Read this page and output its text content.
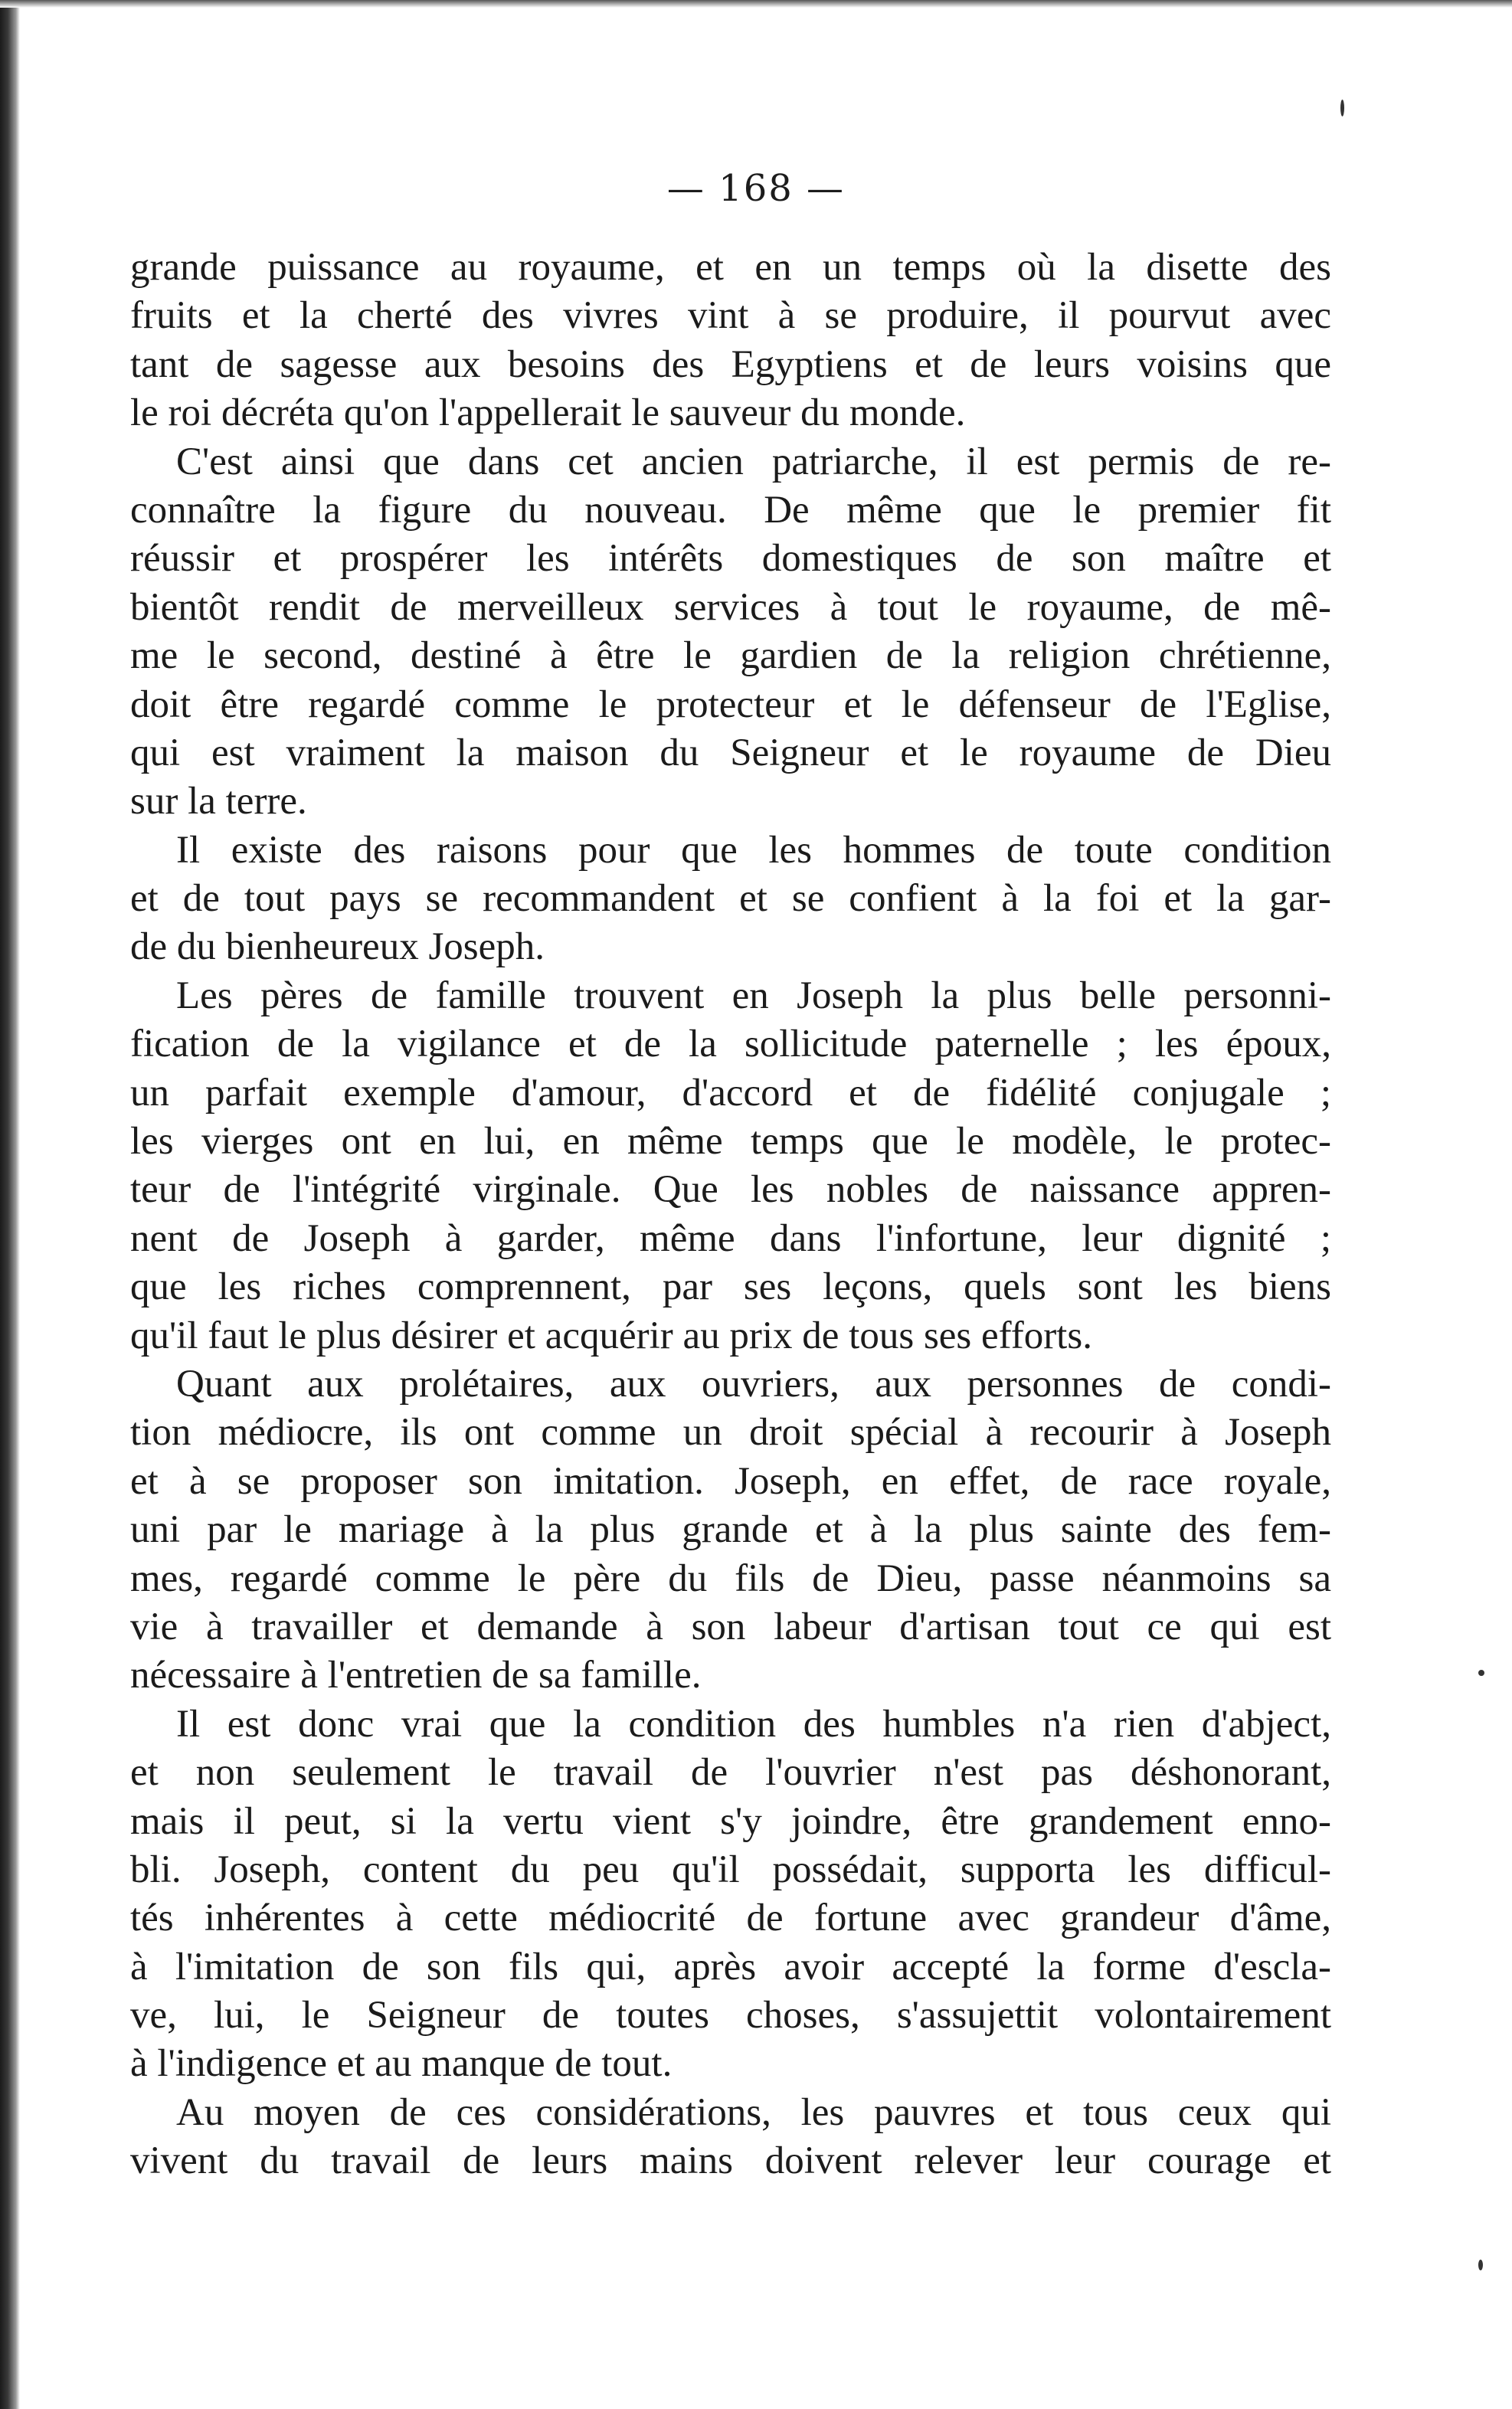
— 168 —
grande puissance au royaume, et en un temps où la disette des
fruits et la cherté des vivres vint à se produire, il pourvut avec
tant de sagesse aux besoins des Egyptiens et de leurs voisins que
le roi décréta qu'on l'appellerait le sauveur du monde.
C'est ainsi que dans cet ancien patriarche, il est permis de re-
connaître la figure du nouveau. De même que le premier fit
réussir et prospérer les intérêts domestiques de son maître et
bientôt rendit de merveilleux services à tout le royaume, de mê-
me le second, destiné à être le gardien de la religion chrétienne,
doit être regardé comme le protecteur et le défenseur de l'Eglise,
qui est vraiment la maison du Seigneur et le royaume de Dieu
sur la terre.
Il existe des raisons pour que les hommes de toute condition
et de tout pays se recommandent et se confient à la foi et la gar-
de du bienheureux Joseph.
Les pères de famille trouvent en Joseph la plus belle personni-
fication de la vigilance et de la sollicitude paternelle ; les époux,
un parfait exemple d'amour, d'accord et de fidélité conjugale ;
les vierges ont en lui, en même temps que le modèle, le protec-
teur de l'intégrité virginale. Que les nobles de naissance appren-
nent de Joseph à garder, même dans l'infortune, leur dignité ;
que les riches comprennent, par ses leçons, quels sont les biens
qu'il faut le plus désirer et acquérir au prix de tous ses efforts.
Quant aux prolétaires, aux ouvriers, aux personnes de condi-
tion médiocre, ils ont comme un droit spécial à recourir à Joseph
et à se proposer son imitation. Joseph, en effet, de race royale,
uni par le mariage à la plus grande et à la plus sainte des fem-
mes, regardé comme le père du fils de Dieu, passe néanmoins sa
vie à travailler et demande à son labeur d'artisan tout ce qui est
nécessaire à l'entretien de sa famille.
Il est donc vrai que la condition des humbles n'a rien d'abject,
et non seulement le travail de l'ouvrier n'est pas déshonorant,
mais il peut, si la vertu vient s'y joindre, être grandement enno-
bli. Joseph, content du peu qu'il possédait, supporta les difficul-
tés inhérentes à cette médiocrité de fortune avec grandeur d'âme,
à l'imitation de son fils qui, après avoir accepté la forme d'escla-
ve, lui, le Seigneur de toutes choses, s'assujettit volontairement
à l'indigence et au manque de tout.
Au moyen de ces considérations, les pauvres et tous ceux qui
vivent du travail de leurs mains doivent relever leur courage et
